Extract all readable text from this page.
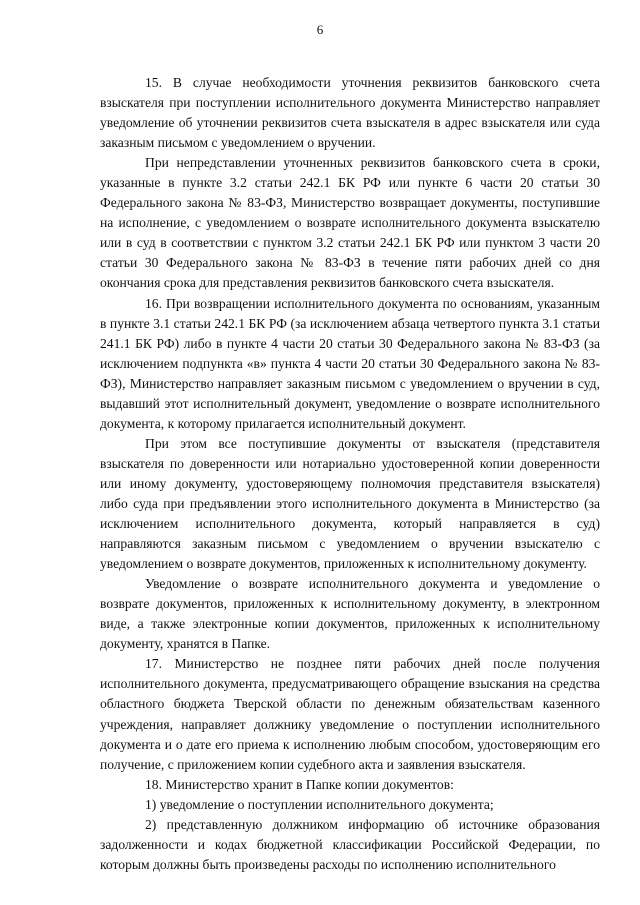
6

15. В случае необходимости уточнения реквизитов банковского счета взыскателя при поступлении исполнительного документа Министерство направляет уведомление об уточнении реквизитов счета взыскателя в адрес взыскателя или суда заказным письмом с уведомлением о вручении.

При непредставлении уточненных реквизитов банковского счета в сроки, указанные в пункте 3.2 статьи 242.1 БК РФ или пункте 6 части 20 статьи 30 Федерального закона № 83-ФЗ, Министерство возвращает документы, поступившие на исполнение, с уведомлением о возврате исполнительного документа взыскателю или в суд в соответствии с пунктом 3.2 статьи 242.1 БК РФ или пунктом 3 части 20 статьи 30 Федерального закона № 83-ФЗ в течение пяти рабочих дней со дня окончания срока для представления реквизитов банковского счета взыскателя.

16. При возвращении исполнительного документа по основаниям, указанным в пункте 3.1 статьи 242.1 БК РФ (за исключением абзаца четвертого пункта 3.1 статьи 241.1 БК РФ) либо в пункте 4 части 20 статьи 30 Федерального закона № 83-ФЗ (за исключением подпункта «в» пункта 4 части 20 статьи 30 Федерального закона № 83-ФЗ), Министерство направляет заказным письмом с уведомлением о вручении в суд, выдавший этот исполнительный документ, уведомление о возврате исполнительного документа, к которому прилагается исполнительный документ.

При этом все поступившие документы от взыскателя (представителя взыскателя по доверенности или нотариально удостоверенной копии доверенности или иному документу, удостоверяющему полномочия представителя взыскателя) либо суда при предъявлении этого исполнительного документа в Министерство (за исключением исполнительного документа, который направляется в суд) направляются заказным письмом с уведомлением о вручении взыскателю с уведомлением о возврате документов, приложенных к исполнительному документу.

Уведомление о возврате исполнительного документа и уведомление о возврате документов, приложенных к исполнительному документу, в электронном виде, а также электронные копии документов, приложенных к исполнительному документу, хранятся в Папке.

17. Министерство не позднее пяти рабочих дней после получения исполнительного документа, предусматривающего обращение взыскания на средства областного бюджета Тверской области по денежным обязательствам казенного учреждения, направляет должнику уведомление о поступлении исполнительного документа и о дате его приема к исполнению любым способом, удостоверяющим его получение, с приложением копии судебного акта и заявления взыскателя.

18. Министерство хранит в Папке копии документов:

1) уведомление о поступлении исполнительного документа;

2) представленную должником информацию об источнике образования задолженности и кодах бюджетной классификации Российской Федерации, по которым должны быть произведены расходы по исполнению исполнительного
